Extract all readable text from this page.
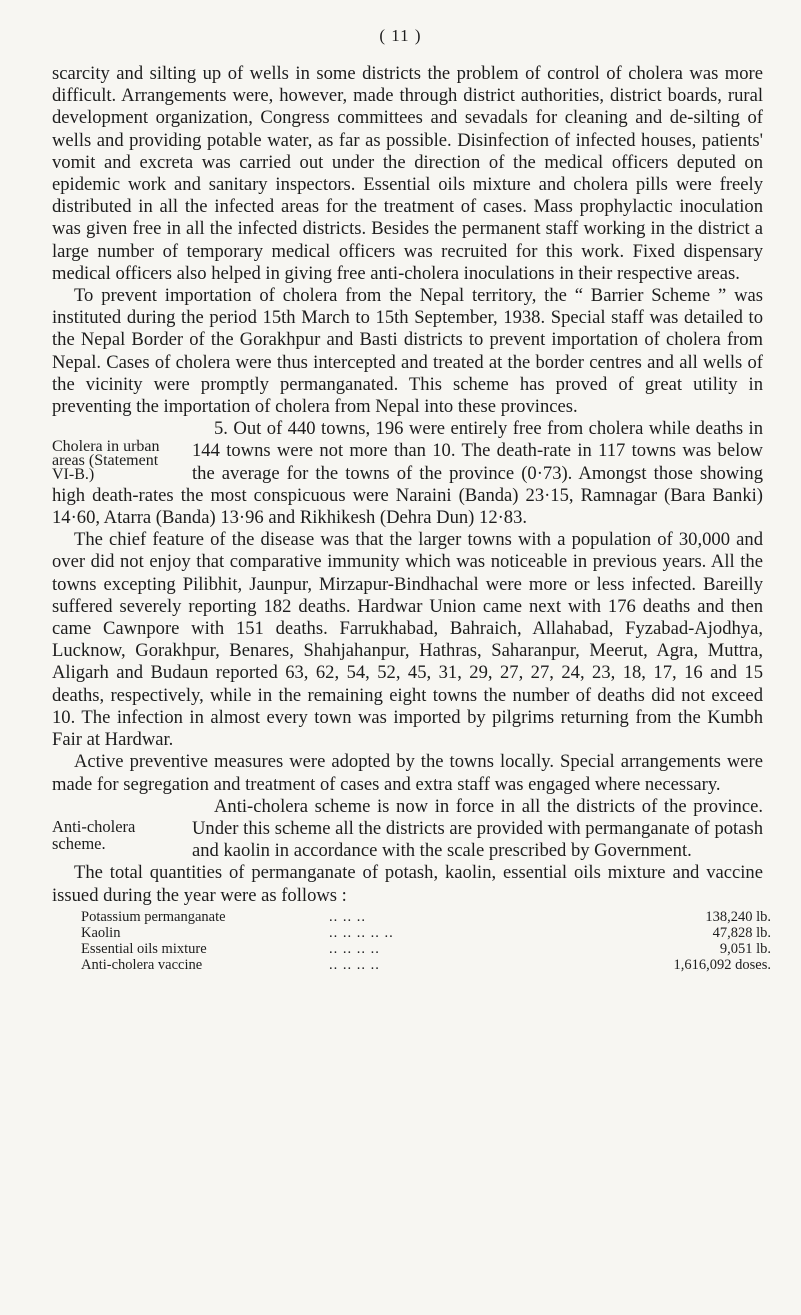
( 11 )

scarcity and silting up of wells in some districts the problem of control of cholera was more difficult. Arrangements were, however, made through district authorities, district boards, rural development organization, Congress committees and sevadals for cleaning and de-silting of wells and providing potable water, as far as possible. Disinfection of infected houses, patients' vomit and excreta was carried out under the direction of the medical officers deputed on epidemic work and sanitary inspectors. Essential oils mixture and cholera pills were freely distributed in all the infected areas for the treatment of cases. Mass prophylactic inoculation was given free in all the infected districts. Besides the permanent staff working in the district a large number of temporary medical officers was recruited for this work. Fixed dispensary medical officers also helped in giving free anti-cholera inoculations in their respective areas.

To prevent importation of cholera from the Nepal territory, the “ Barrier Scheme ” was instituted during the period 15th March to 15th September, 1938. Special staff was detailed to the Nepal Border of the Gorakhpur and Basti districts to prevent importation of cholera from Nepal. Cases of cholera were thus intercepted and treated at the border centres and all wells of the vicinity were promptly permanganated. This scheme has proved of great utility in preventing the importation of cholera from Nepal into these provinces.

Cholera in urban areas (Statement VI-B.)

5. Out of 440 towns, 196 were entirely free from cholera while deaths in 144 towns were not more than 10. The death-rate in 117 towns was below the average for the towns of the province (0·73). Amongst those showing high death-rates the most conspicuous were Naraini (Banda) 23·15, Ramnagar (Bara Banki) 14·60, Atarra (Banda) 13·96 and Rikhikesh (Dehra Dun) 12·83.

The chief feature of the disease was that the larger towns with a population of 30,000 and over did not enjoy that comparative immunity which was noticeable in previous years. All the towns excepting Pilibhit, Jaunpur, Mirzapur-Bindhachal were more or less infected. Bareilly suffered severely reporting 182 deaths. Hardwar Union came next with 176 deaths and then came Cawnpore with 151 deaths. Farrukhabad, Bahraich, Allahabad, Fyzabad-Ajodhya, Lucknow, Gorakhpur, Benares, Shahjahanpur, Hathras, Saharanpur, Meerut, Agra, Muttra, Aligarh and Budaun reported 63, 62, 54, 52, 45, 31, 29, 27, 27, 24, 23, 18, 17, 16 and 15 deaths, respectively, while in the remaining eight towns the number of deaths did not exceed 10. The infection in almost every town was imported by pilgrims returning from the Kumbh Fair at Hardwar.

Active preventive measures were adopted by the towns locally. Special arrangements were made for segregation and treatment of cases and extra staff was engaged where necessary.

Anti-cholera scheme.

Anti-cholera scheme is now in force in all the districts of the province. Under this scheme all the districts are provided with permanganate of potash and kaolin in accordance with the scale prescribed by Government.

The total quantities of permanganate of potash, kaolin, essential oils mixture and vaccine issued during the year were as follows :

Potassium permanganate	.. .. ..	138,240 lb.
Kaolin	.. .. .. .. ..	47,828 lb.
Essential oils mixture	.. .. .. ..	9,051 lb.
Anti-cholera vaccine	.. .. .. ..	1,616,092 doses.
